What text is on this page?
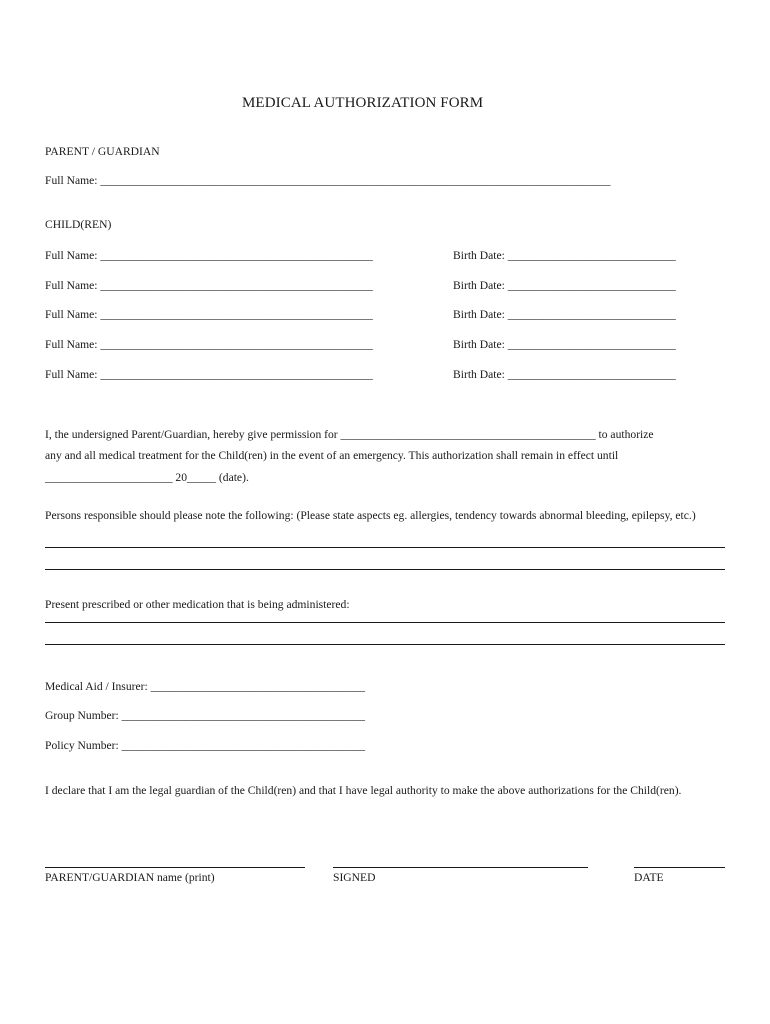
MEDICAL AUTHORIZATION FORM
PARENT / GUARDIAN
Full Name: ________________________________________________________________________________________
CHILD(REN)
Full Name: _______________________________________________	Birth Date: _____________________________
Full Name: _______________________________________________	Birth Date: _____________________________
Full Name: _______________________________________________	Birth Date: _____________________________
Full Name: _______________________________________________	Birth Date: _____________________________
Full Name: _______________________________________________	Birth Date: _____________________________
I, the undersigned Parent/Guardian, hereby give permission for ____________________________________________ to authorize
any and all medical treatment for the Child(ren) in the event of an emergency. This authorization shall remain in effect until
______________________ 20_____ (date).
Persons responsible should please note the following: (Please state aspects eg. allergies, tendency towards abnormal bleeding, epilepsy, etc.)
Present prescribed or other medication that is being administered:
Medical Aid / Insurer: _____________________________________
Group Number: __________________________________________
Policy Number: __________________________________________
I declare that I am the legal guardian of the Child(ren) and that I have legal authority to make the above authorizations for the Child(ren).
PARENT/GUARDIAN name (print)	SIGNED	DATE
